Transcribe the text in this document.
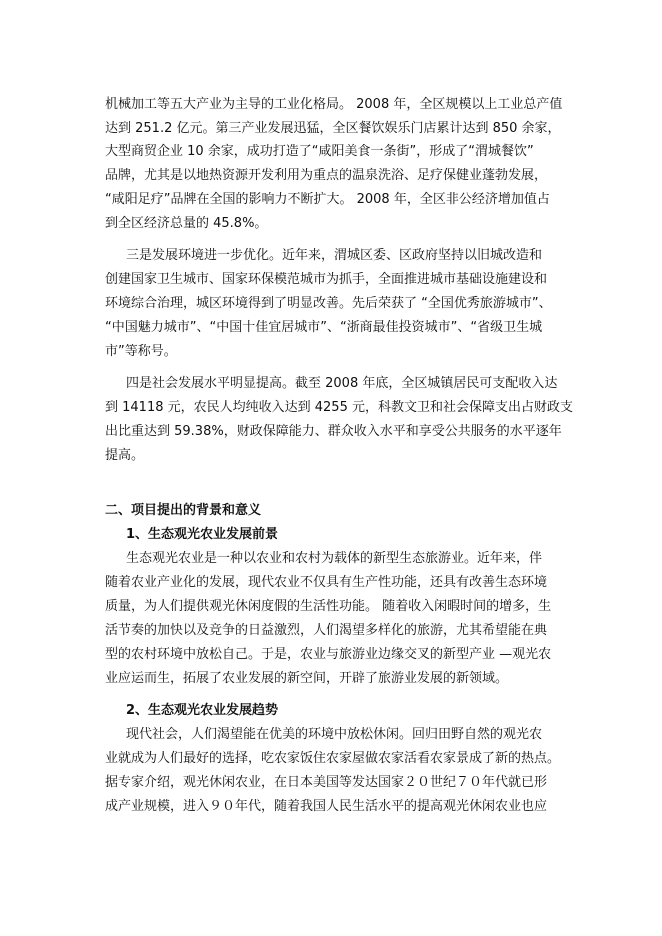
机械加工等五大产业为主导的工业化格局。 2008 年，全区规模以上工业总产值
达到 251.2 亿元。第三产业发展迅猛，全区餐饮娱乐门店累计达到 850 余家，
大型商贸企业 10 余家，成功打造了“咸阳美食一条街”，形成了“渭城餐饮”
品牌，尤其是以地热资源开发利用为重点的温泉洗浴、足疗保健业蓬勃发展，
“咸阳足疗”品牌在全国的影响力不断扩大。 2008 年，全区非公经济增加值占
到全区经济总量的 45.8%。
三是发展环境进一步优化。近年来，渭城区委、区政府坚持以旧城改造和
创建国家卫生城市、国家环保模范城市为抓手，全面推进城市基础设施建设和
环境综合治理，城区环境得到了明显改善。先后荣获了 “全国优秀旅游城市”、
“中国魅力城市”、“中国十佳宜居城市”、“浙商最佳投资城市”、“省级卫生城
市”等称号。
四是社会发展水平明显提高。截至 2008 年底，全区城镇居民可支配收入达
到 14118 元，农民人均纯收入达到 4255 元，科教文卫和社会保障支出占财政支
出比重达到 59.38%，财政保障能力、群众收入水平和享受公共服务的水平逐年
提高。
二、项目提出的背景和意义
1、生态观光农业发展前景
生态观光农业是一种以农业和农村为载体的新型生态旅游业。近年来，伴
随着农业产业化的发展，现代农业不仅具有生产性功能，还具有改善生态环境
质量，为人们提供观光休闲度假的生活性功能。 随着收入闲暇时间的增多，生
活节奏的加快以及竞争的日益激烈，人们渴望多样化的旅游，尤其希望能在典
型的农村环境中放松自己。于是，农业与旅游业边缘交叉的新型产业 —观光农
业应运而生，拓展了农业发展的新空间，开辟了旅游业发展的新领域。
2、生态观光农业发展趋势
现代社会，人们渴望能在优美的环境中放松休闲。回归田野自然的观光农
业就成为人们最好的选择，吃农家饭住农家屋做农家活看农家景成了新的热点。
据专家介绍，观光休闲农业，在日本美国等发达国家２０世纪７０年代就已形
成产业规模，进入９０年代，随着我国人民生活水平的提高观光休闲农业也应
